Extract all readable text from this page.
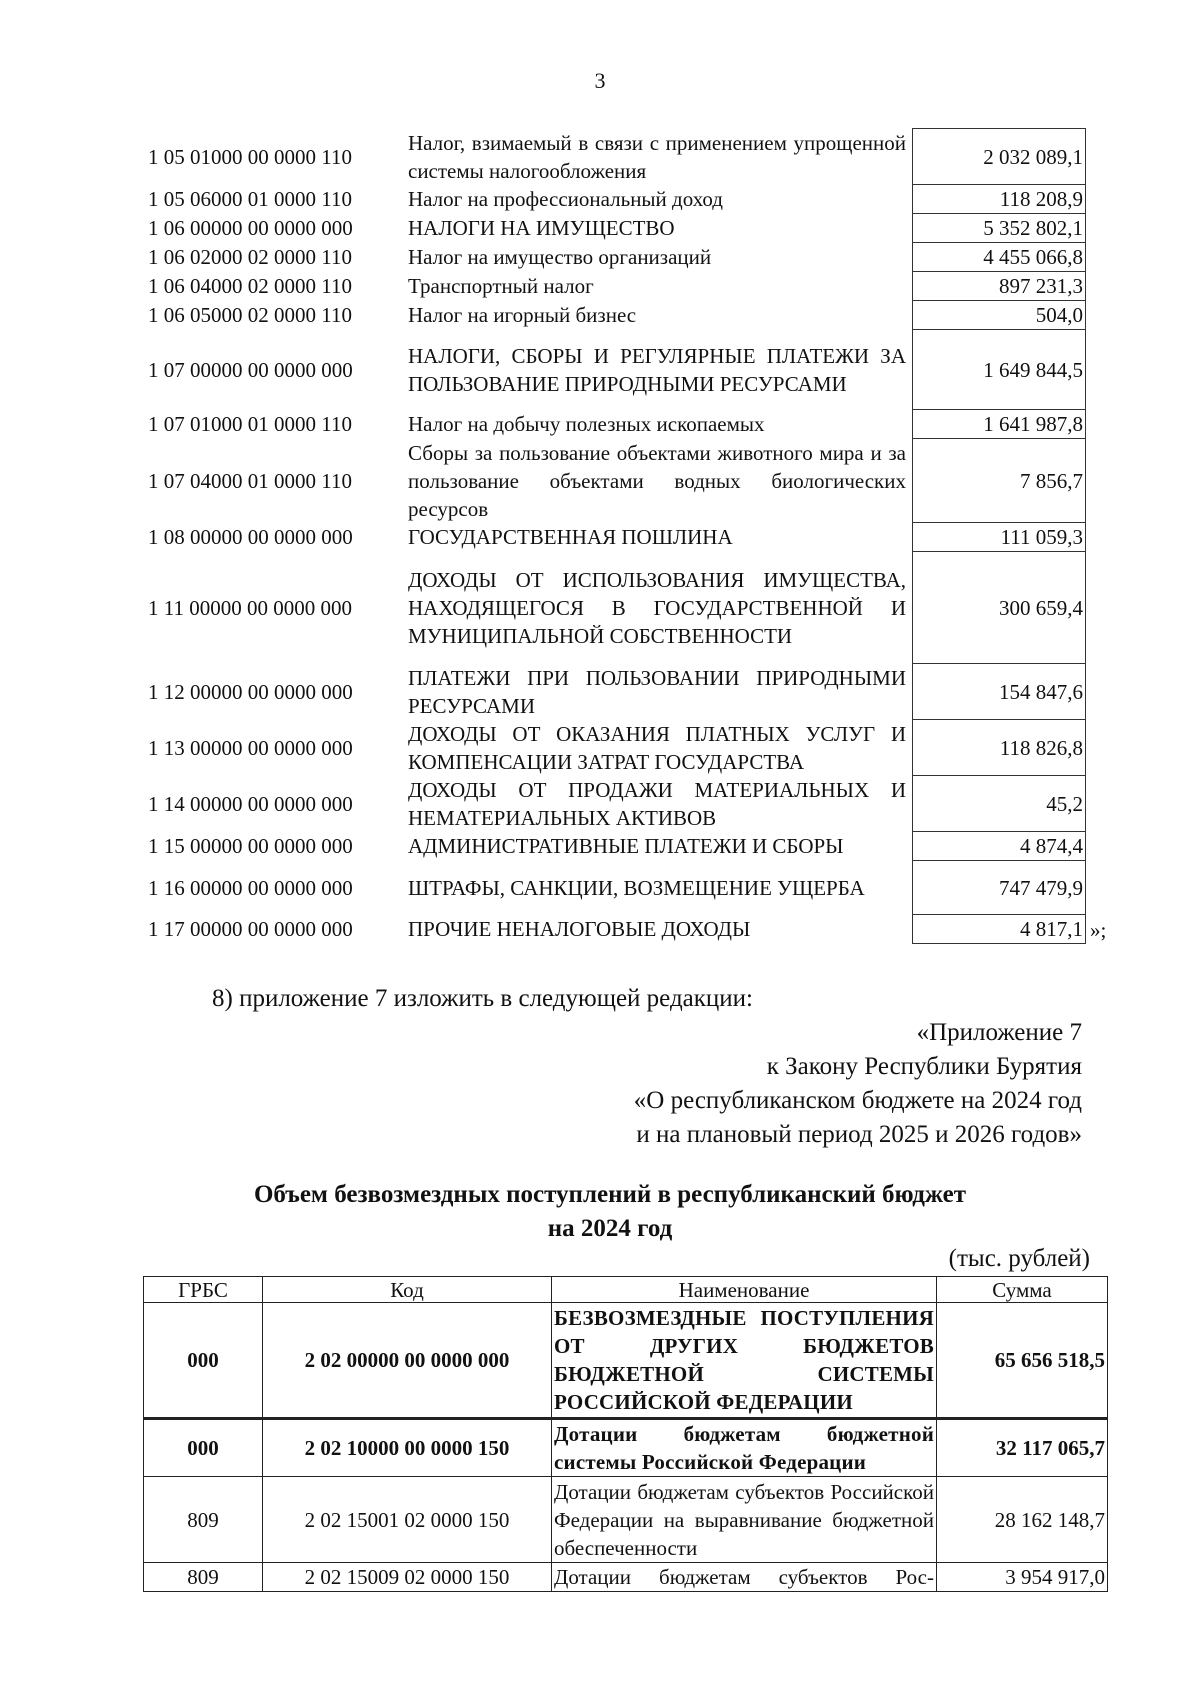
3
1 05 01000 00 0000 110	Налог, взимаемый в связи с применением упрощенной системы налогообложения	2 032 089,1	
1 05 06000 01 0000 110	Налог на профессиональный доход	118 208,9	
1 06 00000 00 0000 000	НАЛОГИ НА ИМУЩЕСТВО	5 352 802,1	
1 06 02000 02 0000 110	Налог на имущество организаций	4 455 066,8	
1 06 04000 02 0000 110	Транспортный налог	897 231,3	
1 06 05000 02 0000 110	Налог на игорный бизнес	504,0	
1 07 00000 00 0000 000	НАЛОГИ, СБОРЫ И РЕГУЛЯРНЫЕ ПЛАТЕЖИ ЗА ПОЛЬЗОВАНИЕ ПРИРОДНЫМИ РЕСУРСАМИ	1 649 844,5	
1 07 01000 01 0000 110	Налог на добычу полезных ископаемых	1 641 987,8	
1 07 04000 01 0000 110	Сборы за пользование объектами животного мира и за пользование объектами водных биологических ресурсов	7 856,7	
1 08 00000 00 0000 000	ГОСУДАРСТВЕННАЯ ПОШЛИНА	111 059,3	
1 11 00000 00 0000 000	ДОХОДЫ ОТ ИСПОЛЬЗОВАНИЯ ИМУЩЕСТВА, НАХОДЯЩЕГОСЯ В ГОСУДАРСТВЕННОЙ И МУНИЦИПАЛЬНОЙ СОБСТВЕННОСТИ	300 659,4	
1 12 00000 00 0000 000	ПЛАТЕЖИ ПРИ ПОЛЬЗОВАНИИ ПРИРОДНЫМИ РЕСУРСАМИ	154 847,6	
1 13 00000 00 0000 000	ДОХОДЫ ОТ ОКАЗАНИЯ ПЛАТНЫХ УСЛУГ И КОМПЕНСАЦИИ ЗАТРАТ ГОСУДАРСТВА	118 826,8	
1 14 00000 00 0000 000	ДОХОДЫ ОТ ПРОДАЖИ МАТЕРИАЛЬНЫХ И НЕМАТЕРИАЛЬНЫХ АКТИВОВ	45,2	
1 15 00000 00 0000 000	АДМИНИСТРАТИВНЫЕ ПЛАТЕЖИ И СБОРЫ	4 874,4	
1 16 00000 00 0000 000	ШТРАФЫ, САНКЦИИ, ВОЗМЕЩЕНИЕ УЩЕРБА	747 479,9	
1 17 00000 00 0000 000	ПРОЧИЕ НЕНАЛОГОВЫЕ ДОХОДЫ	4 817,1	»;
8) приложение 7 изложить в следующей редакции:
«Приложение 7
к Закону Республики Бурятия
«О республиканском бюджете на 2024 год
и на плановый период 2025 и 2026 годов»
Объем безвозмездных поступлений в республиканский бюджет
на 2024 год
(тыс. рублей)
ГРБС	Код	Наименование	Сумма
000	2 02 00000 00 0000 000	БЕЗВОЗМЕЗДНЫЕ ПОСТУПЛЕНИЯ ОТ ДРУГИХ БЮДЖЕТОВ БЮДЖЕТНОЙ СИСТЕМЫ РОССИЙСКОЙ ФЕДЕРАЦИИ	65 656 518,5
000	2 02 10000 00 0000 150	Дотации бюджетам бюджетной системы Российской Федерации	32 117 065,7
809	2 02 15001 02 0000 150	Дотации бюджетам субъектов Российской Федерации на выравнивание бюджетной обеспеченности	28 162 148,7
809	2 02 15009 02 0000 150	Дотации бюджетам субъектов Рос-	3 954 917,0
